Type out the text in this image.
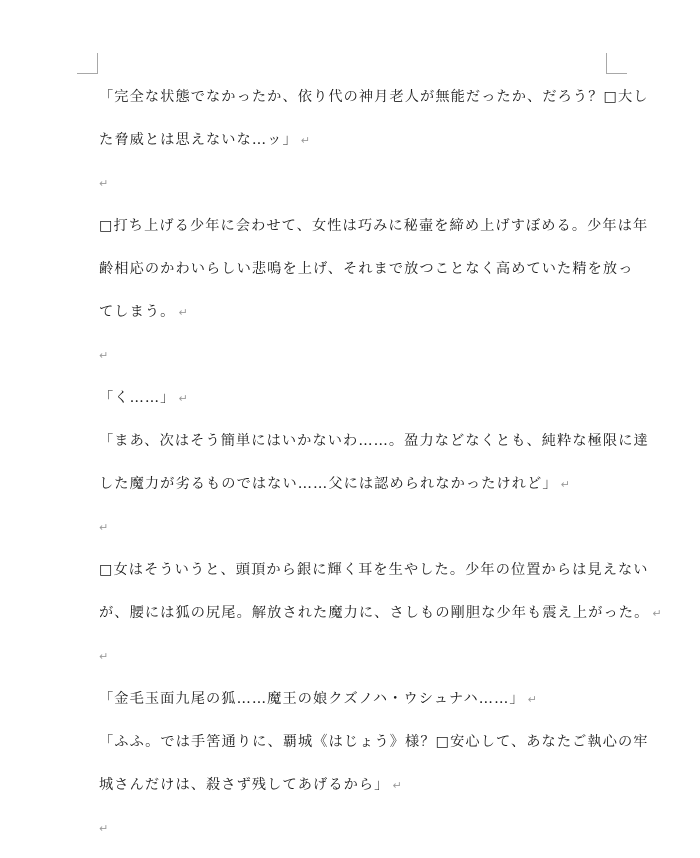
「完全な状態でなかったか、依り代の神月老人が無能だったか、だろう？□大し
た脅威とは思えないな…ッ」 ↵
↵
□打ち上げる少年に会わせて、女性は巧みに秘壷を締め上げすぼめる。少年は年
齢相応のかわいらしい悲鳴を上げ、それまで放つことなく高めていた精を放っ
てしまう。 ↵
↵
「く……」 ↵
「まあ、次はそう簡単にはいかないわ……。盈力などなくとも、純粋な極限に達
した魔力が劣るものではない……父には認められなかったけれど」 ↵
↵
□女はそういうと、頭頂から銀に輝く耳を生やした。少年の位置からは見えない
が、腰には狐の尻尾。解放された魔力に、さしもの剛胆な少年も震え上がった。 ↵
↵
「金毛玉面九尾の狐……魔王の娘クズノハ・ウシュナハ……」 ↵
「ふふ。では手筈通りに、覇城《はじょう》様？□安心して、あなたご執心の牢
城さんだけは、殺さず残してあげるから」 ↵
↵
